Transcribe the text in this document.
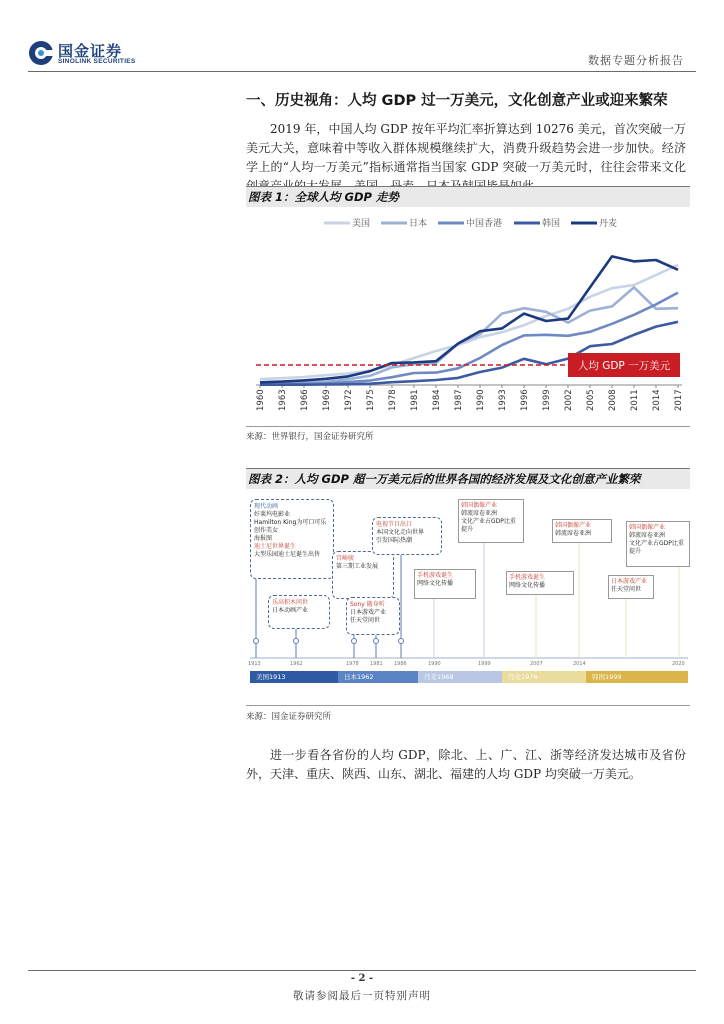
国金证券
SINOLINK SECURITIES	数据专题分析报告
一、历史视角：人均 GDP 过一万美元，文化创意产业或迎来繁荣
2019 年，中国人均 GDP 按年平均汇率折算达到 10276 美元，首次突破一万美元大关，意味着中等收入群体规模继续扩大，消费升级趋势会进一步加快。经济学上的“人均一万美元”指标通常指当国家 GDP 突破一万美元时，往往会带来文化
图表 1：全球人均 GDP 走势
美国	日本	中国香港	韩国	丹麦
1960 1963 1966 1969 1972 1975 1978 1981 1984 1987 1990 1993 1996 1999 2002 2005 2008 2011 2014 2017
人均 GDP 一万美元
来源：世界银行，国金证券研究所
图表 2：人均 GDP 超一万美元后的世界各国的经济发展及文化创意产业繁荣
现代动画
好莱坞电影业
Hamilton King为可口可乐创作美女
海报图
迪士尼世界诞生
大型乐园迪士尼诞生出售
乐高积木问世
日本动画产业
宫崎骏
第三期工业发展
Sony 随身听
日本游戏产业
任天堂问世
电视节目出口
本国文化走向世界
引发国际热潮
手机游戏诞生
网络文化传播
韩国偶像产业
韩流席卷亚洲
文化产业占GDP比重提升
手机游戏诞生
网络文化传播
韩国偶像产业
韩流席卷亚洲
日本游戏产业
任天堂问世
韩国偶像产业
韩流席卷亚洲
文化产业占GDP比重提升
1913	1962	1978 1981 1986	1990	1999	2007	2014	2020
美国1913	日本1962	丹麦1968	丹麦1976	韩国1999
来源：国金证券研究所
进一步看各省份的人均 GDP，除北、上、广、江、浙等经济发达城市及省份外，天津、重庆、陕西、山东、湖北、福建的人均 GDP 均突破一万美元。
- 2 -
敬请参阅最后一页特别声明
